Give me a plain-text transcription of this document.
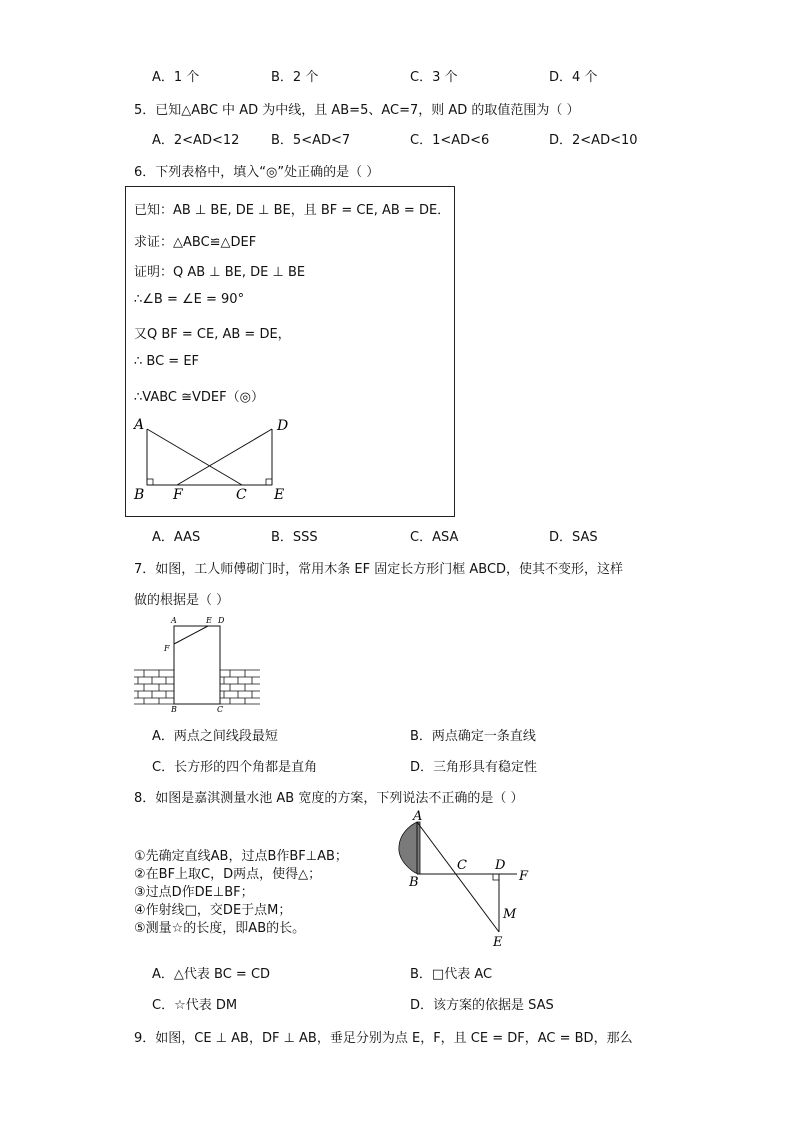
A．1 个	B．2 个	C．3 个	D．4 个
5．已知△ABC 中 AD 为中线，且 AB=5、AC=7，则 AD 的取值范围为（ ）
A．2<AD<12 B．5<AD<7	C．1<AD<6	D．2<AD<10
6．下列表格中，填入“◎”处正确的是（ ）
已知：AB ⊥ BE, DE ⊥ BE，且 BF = CE, AB = DE．
求证：△ABC≌△DEF
证明：Q AB ⊥ BE, DE ⊥ BE
∴∠B = ∠E = 90°
又Q BF = CE, AB = DE，
∴ BC = EF
∴VABC ≅VDEF（◎）
A	D
B F	C E
A．AAS	B．SSS	C．ASA	D．SAS
7．如图，工人师傅砌门时，常用木条 EF 固定长方形门框 ABCD，使其不变形，这样
做的根据是（ ）
A	E D
F
B	C
A．两点之间线段最短	B．两点确定一条直线
C．长方形的四个角都是直角	D．三角形具有稳定性
8．如图是嘉淇测量水池 AB 宽度的方案，下列说法不正确的是（ ）
①先确定直线AB，过点B作BF⊥AB；
②在BF上取C，D两点，使得△；
③过点D作DE⊥BF；
④作射线□，交DE于点M；
⑤测量☆的长度，即AB的长。
A
C D
F
B
M
E
A．△代表 BC = CD	B．□代表 AC
C．☆代表 DM	D．该方案的依据是 SAS
9．如图，CE ⊥ AB，DF ⊥ AB，垂足分别为点 E，F，且 CE = DF，AC = BD，那么
